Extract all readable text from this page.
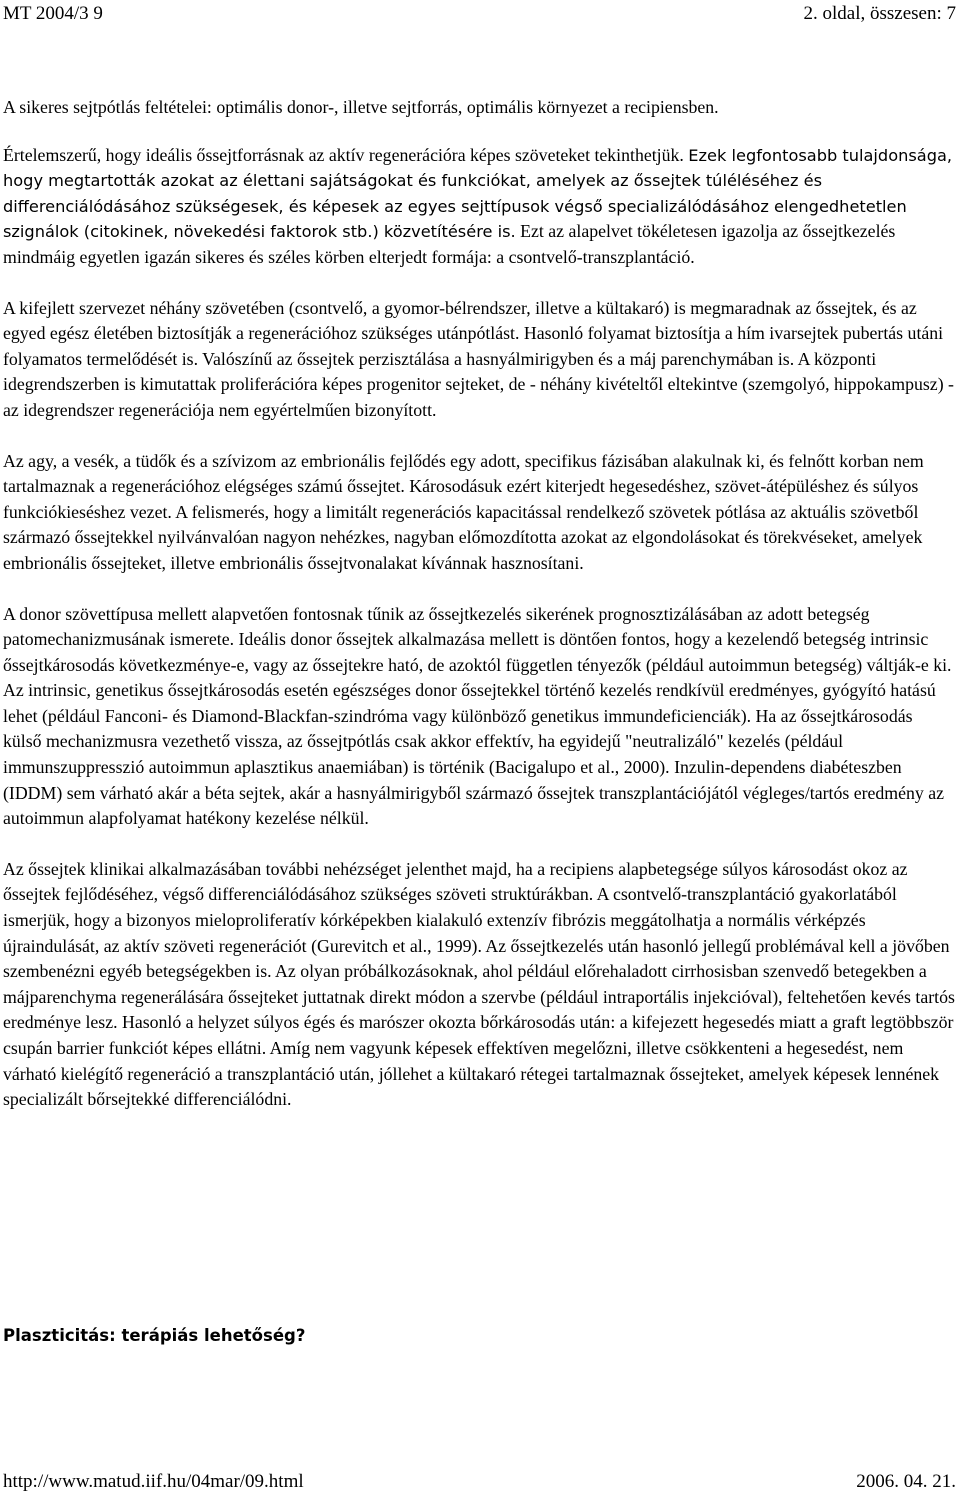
MT 2004/3 9	2. oldal, összesen: 7

A sikeres sejtpótlás feltételei: optimális donor-, illetve sejtforrás, optimális környezet a recipiensben.

Értelemszerű, hogy ideális őssejtforrásnak az aktív regenerációra képes szöveteket tekinthetjük. Ezek legfontosabb tulajdonsága, hogy megtartották azokat az élettani sajátságokat és funkciókat, amelyek az őssejtek túléléséhez és differenciálódásához szükségesek, és képesek az egyes sejttípusok végső specializálódásához elengedhetetlen szignálok (citokinek, növekedési faktorok stb.) közvetítésére is. Ezt az alapelvet tökéletesen igazolja az őssejtkezelés mindmáig egyetlen igazán sikeres és széles körben elterjedt formája: a csontvelő-transzplantáció.

A kifejlett szervezet néhány szövetében (csontvelő, a gyomor-bélrendszer, illetve a kültakaró) is megmaradnak az őssejtek, és az egyed egész életében biztosítják a regenerációhoz szükséges utánpótlást. Hasonló folyamat biztosítja a hím ivarsejtek pubertás utáni folyamatos termelődését is. Valószínű az őssejtek perzisztálása a hasnyálmirigyben és a máj parenchymában is. A központi idegrendszerben is kimutattak proliferációra képes progenitor sejteket, de - néhány kivételtől eltekintve (szemgolyó, hippokampusz) - az idegrendszer regenerációja nem egyértelműen bizonyított.

Az agy, a vesék, a tüdők és a szívizom az embrionális fejlődés egy adott, specifikus fázisában alakulnak ki, és felnőtt korban nem tartalmaznak a regenerációhoz elégséges számú őssejtet. Károsodásuk ezért kiterjedt hegesedéshez, szövet-átépüléshez és súlyos funkciókieséshez vezet. A felismerés, hogy a limitált regenerációs kapacitással rendelkező szövetek pótlása az aktuális szövetből származó őssejtekkel nyilvánvalóan nagyon nehézkes, nagyban előmozdította azokat az elgondolásokat és törekvéseket, amelyek embrionális őssejteket, illetve embrionális őssejtvonalakat kívánnak hasznosítani.

A donor szövettípusa mellett alapvetően fontosnak tűnik az őssejtkezelés sikerének prognosztizálásában az adott betegség patomechanizmusának ismerete. Ideális donor őssejtek alkalmazása mellett is döntően fontos, hogy a kezelendő betegség intrinsic őssejtkárosodás következménye-e, vagy az őssejtekre ható, de azoktól független tényezők (például autoimmun betegség) váltják-e ki. Az intrinsic, genetikus őssejtkárosodás esetén egészséges donor őssejtekkel történő kezelés rendkívül eredményes, gyógyító hatású lehet (például Fanconi- és Diamond-Blackfan-szindróma vagy különböző genetikus immundeficienciák). Ha az őssejtkárosodás külső mechanizmusra vezethető vissza, az őssejtpótlás csak akkor effektív, ha egyidejű "neutralizáló" kezelés (például immunszuppresszió autoimmun aplasztikus anaemiában) is történik (Bacigalupo et al., 2000). Inzulin-dependens diabéteszben (IDDM) sem várható akár a béta sejtek, akár a hasnyálmirigyből származó őssejtek transzplantációjától végleges/tartós eredmény az autoimmun alapfolyamat hatékony kezelése nélkül.

Az őssejtek klinikai alkalmazásában további nehézséget jelenthet majd, ha a recipiens alapbetegsége súlyos károsodást okoz az őssejtek fejlődéséhez, végső differenciálódásához szükséges szöveti struktúrákban. A csontvelő-transzplantáció gyakorlatából ismerjük, hogy a bizonyos mieloproliferatív kórképekben kialakuló extenzív fibrózis meggátolhatja a normális vérképzés újraindulását, az aktív szöveti regenerációt (Gurevitch et al., 1999). Az őssejtkezelés után hasonló jellegű problémával kell a jövőben szembenézni egyéb betegségekben is. Az olyan próbálkozásoknak, ahol például előrehaladott cirrhosisban szenvedő betegekben a májparenchyma regenerálására őssejteket juttatnak direkt módon a szervbe (például intraportális injekcióval), feltehetően kevés tartós eredménye lesz. Hasonló a helyzet súlyos égés és marószer okozta bőrkárosodás után: a kifejezett hegesedés miatt a graft legtöbbször csupán barrier funkciót képes ellátni. Amíg nem vagyunk képesek effektíven megelőzni, illetve csökkenteni a hegesedést, nem várható kielégítő regeneráció a transzplantáció után, jóllehet a kültakaró rétegei tartalmaznak őssejteket, amelyek képesek lennének specializált bőrsejtekké differenciálódni.

Plaszticitás: terápiás lehetőség?
http://www.matud.iif.hu/04mar/09.html	2006. 04. 21.
